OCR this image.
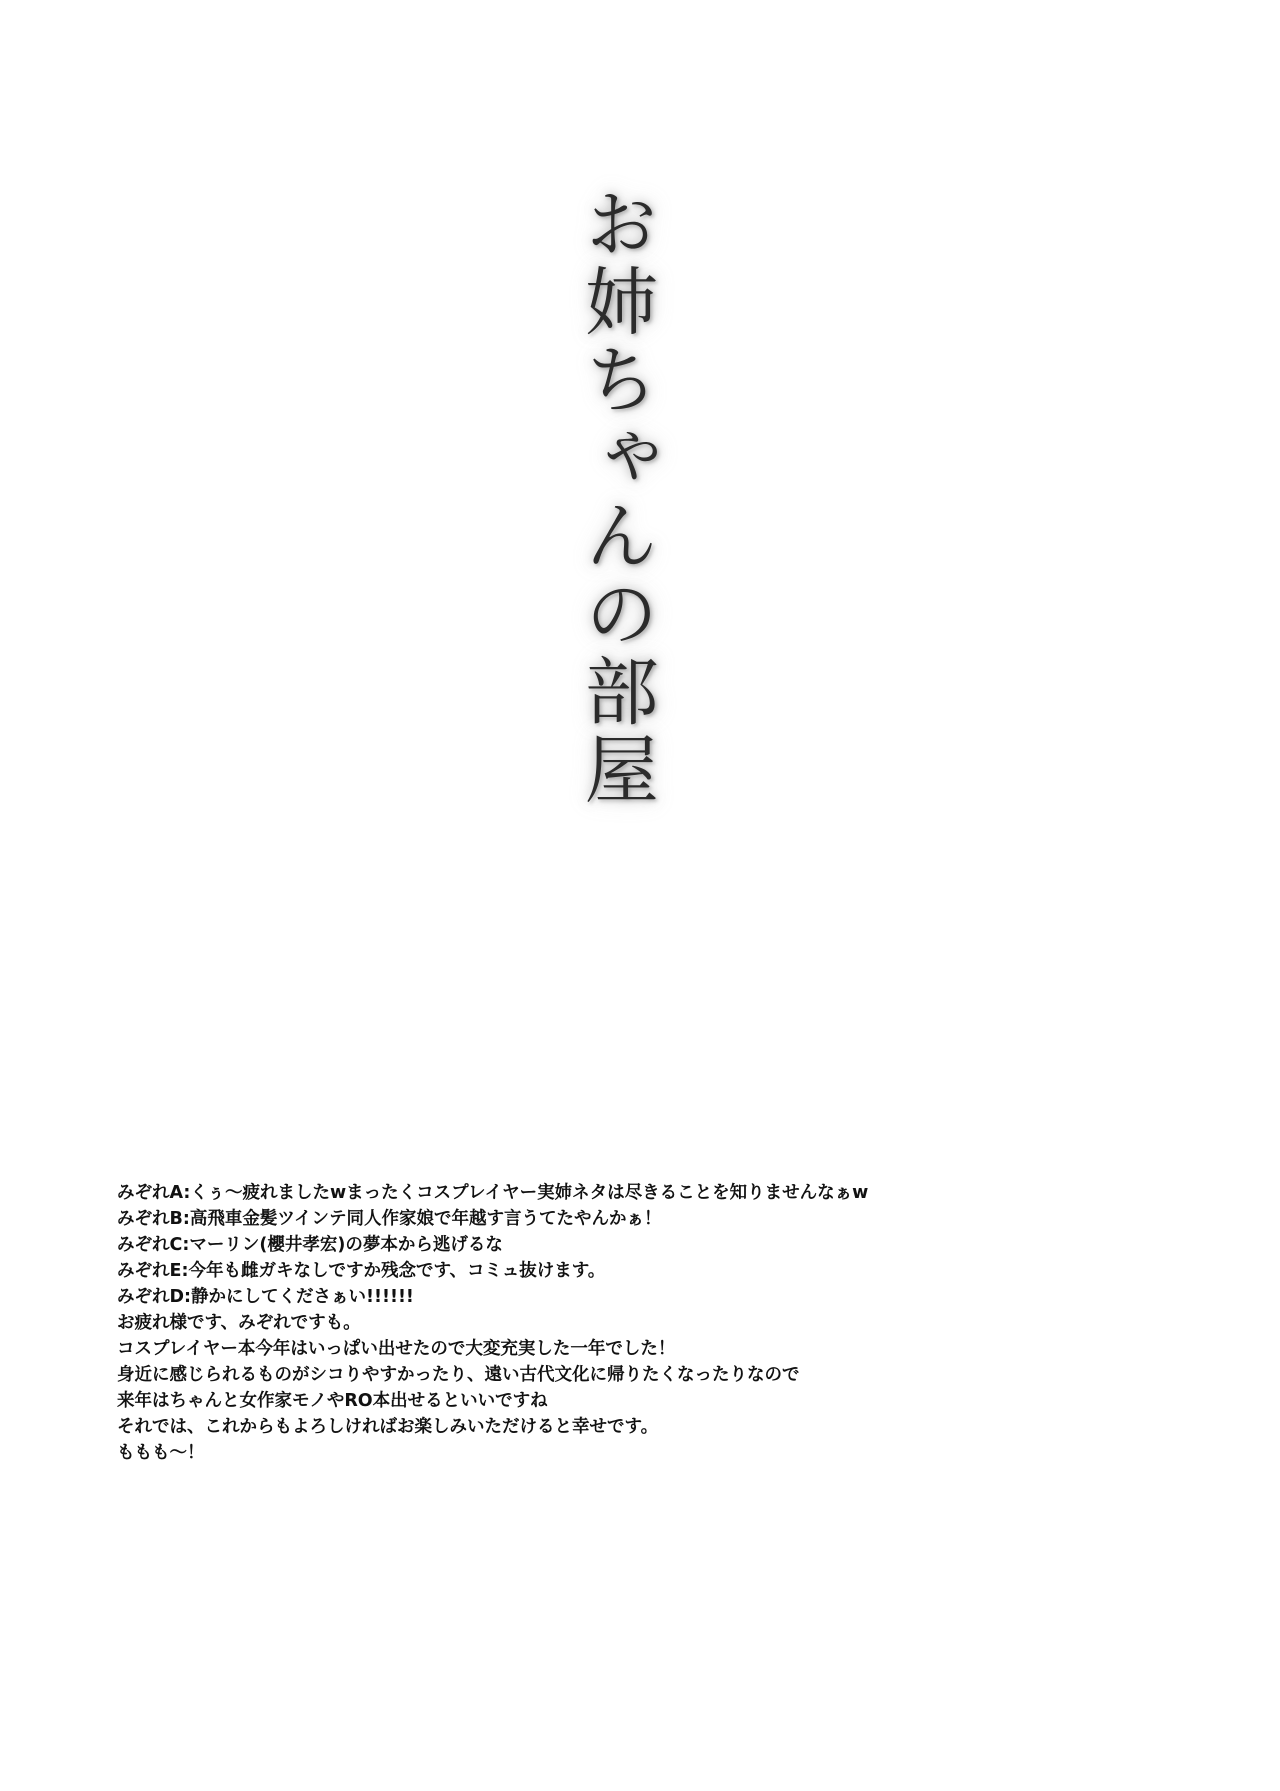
お姉ちゃんの部屋
みぞれA:くぅ～疲れましたwまったくコスプレイヤー実姉ネタは尽きることを知りませんなぁw
みぞれB:高飛車金髪ツインテ同人作家娘で年越す言うてたやんかぁ！
みぞれC:マーリン(櫻井孝宏)の夢本から逃げるな
みぞれE:今年も雌ガキなしですか残念です、コミュ抜けます。
みぞれD:静かにしてくださぁい!!!!!!
お疲れ様です、みぞれですも。
コスプレイヤー本今年はいっぱい出せたので大変充実した一年でした！
身近に感じられるものがシコりやすかったり、遠い古代文化に帰りたくなったりなので
来年はちゃんと女作家モノやRO本出せるといいですね
それでは、これからもよろしければお楽しみいただけると幸せです。
ももも～！
